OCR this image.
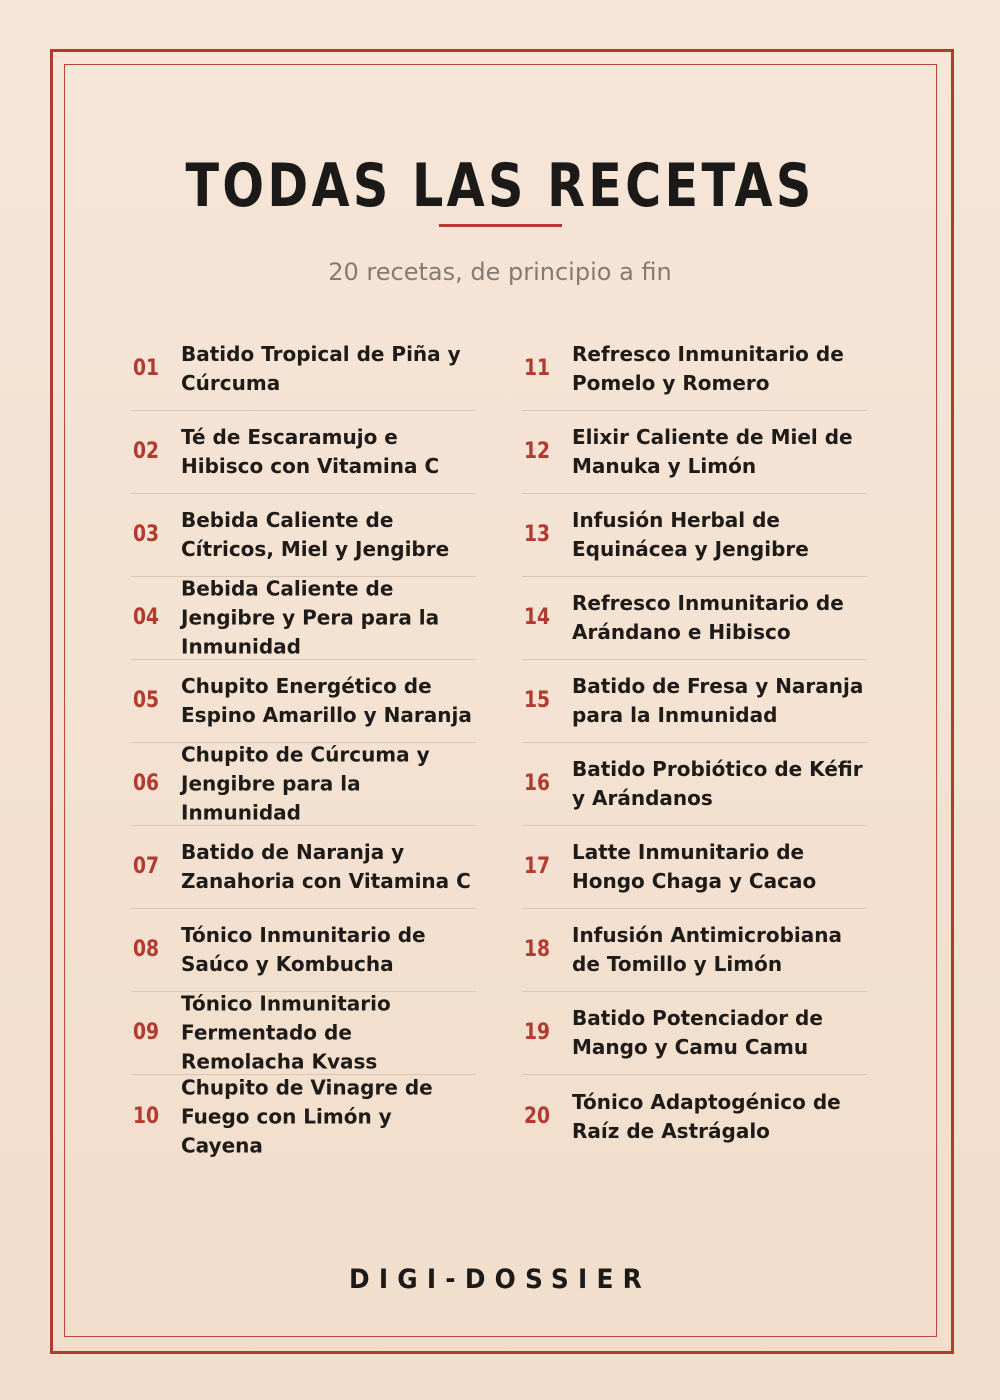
TODAS LAS RECETAS
20 recetas, de principio a fin
01
Batido Tropical de Piña y Cúrcuma
02
Té de Escaramujo e Hibisco con Vitamina C
03
Bebida Caliente de Cítricos, Miel y Jengibre
04
Bebida Caliente de Jengibre y Pera para la Inmunidad
05
Chupito Energético de Espino Amarillo y Naranja
06
Chupito de Cúrcuma y Jengibre para la Inmunidad
07
Batido de Naranja y Zanahoria con Vitamina C
08
Tónico Inmunitario de Saúco y Kombucha
09
Tónico Inmunitario Fermentado de Remolacha Kvass
10
Chupito de Vinagre de Fuego con Limón y Cayena
11
Refresco Inmunitario de Pomelo y Romero
12
Elixir Caliente de Miel de Manuka y Limón
13
Infusión Herbal de Equinácea y Jengibre
14
Refresco Inmunitario de Arándano e Hibisco
15
Batido de Fresa y Naranja para la Inmunidad
16
Batido Probiótico de Kéfir y Arándanos
17
Latte Inmunitario de Hongo Chaga y Cacao
18
Infusión Antimicrobiana de Tomillo y Limón
19
Batido Potenciador de Mango y Camu Camu
20
Tónico Adaptogénico de Raíz de Astrágalo
DIGI-DOSSIER
